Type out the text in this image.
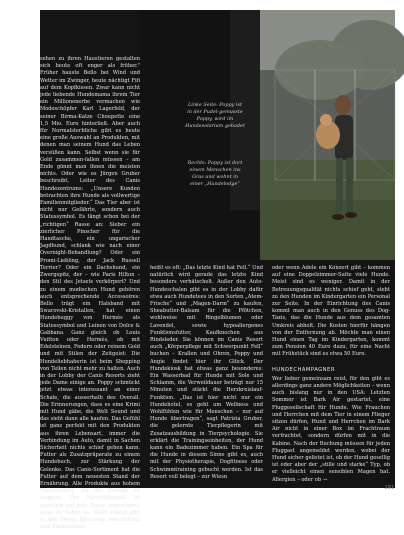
sehen zu ihren Haustieren gestalten sich heute oft enger als früher." Früher hauste Bello bei Wind und Wetter im Zwinger, heute nächtigt Fifi auf dem Kopfkissen. Zwar kann nicht jede liebende Hundemama ihrem Tier ein Millionenerbe vermachen wie Modeschöpfer Karl Lagerfeld, der seiner Birma-Katze Choupette eine 1,5 Mio. Euro hinterließ. Aber auch für Normalsterbliche gibt es heute eine große Auswahl an Produkten, mit denen man seinem Hund das Leben versüßen kann. Selbst wenn sie für Gold zusammen-fallen müssen – am Ende gönnt man ihnen die meisten nichts. Oder wie es Jürgen Gruber beschreibt, Leiter des Canis Hundezentrums: „Unsere Kunden betrachten ihre Hunde als vollwertige Familienmitglieder.“ Das Tier aber ist nicht nur Gefährte, sondern auch Statussymbol. Es fängt schon bei der „richtigen“ Rasse an: Sieber ein zierlicher Pinscher für die Handtasche, ein ungarischer Jagdhund, schlank wie nach einer Overnight-Behandlung? Oder ein Promi-Liebling, der Jack Russell Terrier? Oder ein Dachshund, ein Zwergspitz, der – wie Paris Hilton – den Stil des Jetsets verkörpert? Und zu einem modischen Hund gehören auch entsprechende Accessoires: Bello trägt ein Halsband mit Swarovski-Kristallen, hat einen Hundebuggy von Hermès als Statussymbol und Leinen von Dolce & Gabbana. Ganz gleich ob Louis Vuitton oder Hermès, ob mit Edelsteinen, Federn oder reinem Gold und mit Stilen der Zeitgeist: Die Hundeliebhaberin ist beim Shopping von Teilen nicht mehr zu halten. Auch in der Lobby der Canis Resorts zieht jede Dame einige an. Poppy schmückt jetzt etwas interessant an einer Schale, die ausserhalb des Overall. Die Erinnerungen, dass es eine Krimi mit Hund gäbe, die Welt Sound und das sieht dann alle kaufen. Das Gefühl ist ganz perfekt mit den Produkten aus ihren Lebensart, immer die Verbindung im Auto, damit in Sachen Sicherheit nichts schief gehen kann. Futter als Zusatzpräparate zu einem Hundebuch, zur Stärkung der Gelenke. Das Canis-Sortiment hat die Futter auf dem neuesten Stand der Ernährung. Alle Produkte aus hohem Fleischanteil, um die Energie zu steigern. Der Nährstoffgehalt ist natürlich auf jede Rasse abgestimmt, denn sie lieben es. Nicht zuletzt gibt es jede Menge Spielzeug, vom Ball bis zum Kauknochen.

Linke Seite: Poppy ist in der Pudel-gemusste Poppy, wird im Hundesolarium gebadet
Rechts: Poppy ist dort einem Menschen ins Gras und wohnt in einer „Hundelodge“

heißt es oft: „Das letzte Kind hat Fell.“ Und natürlich wird gerade das letzte Kind besonders verhätschelt. Außer den Auto-Hundeschalen gibt es in der Lobby dafür etwa auch Hundetees in den Sorten „Atem-Frische“ und „Magen-Darm“ zu kaufen, Sheabutter-Balsam für die Pfötchen, wohlweise mit Ringelblumen oder Lavendel, sowie hypoallergenes Funktionsfutter, Kaufknochen aus Rindsleder. Sie können im Canis Resort auch „Körperpflege mit Schwerpunkt Fell“ buchen – Krallen und Ohren, Poppy und Angie findet hier ihr Glück. Der Hundekiosk hat etwas ganz besonderes: Ein Wasserbad für Hunde mit Sole und Schlamm, die Verweildauer beträgt nur 15 Minuten und stärkt die Herzkreislauf-Funktion. „Das ist hier nicht nur ein Hundehotel, es geht um Wellness und Wohlfühlen wie für Menschen – nur auf Hunde übertragen“, sagt Patrizia Gruber, die gelernte Tierpflegerin mit Zusatzausbildung in Tierpsychologie. Sie erklärt die Trainingseinheiten, der Hund kann ein Badezimmer haben. Ein Spa für die Hunde in diesem Sinne gibt es, auch mit der Physiotherapie, Dogfitness oder Schwimmtraining gebucht werden. Ist das Resort voll belegt – zur Wiesn

oder wenn Adele ein Konzert gibt – kommen auf eine Doppelzimmer-Suite viele Hunde. Meist sind es weniger. Damit in der Betreuungsqualität nichts schief geht, steht zu den Hunden im Kindergarten ein Personal zur Seite. In der Einrichtung des Canis kommt man auch in den Genuss des Dog-Taxis, das die Hunde aus dem gesamten Umkreis abholt. Die Kosten hierfür hängen von der Entfernung ab. Möchte man einen Hund einen Tag im Kindergarten, kommt zum Pension 40 Euro dazu, für eine Nacht mit Frühstück sind es etwa 50 Euro.

HUNDECHAMPAGNER

Wer lieber gemeinsam reist, für den gibt es allerdings ganz andere Möglichkeiten – wenn auch bislang nur in den USA: Letzten Sommer ist Bark Air gestartet, eine Fluggesellschaft für Hunde. Wie Frauchen und Herrchen mit dem Tier in einem Flieger sitzen dürfen, Hund und Herrchen im Bark Air nicht in einer Box im Frachtraum verfrachtet, sondern dürfen mit in die Kabine. Nach der Buchung müssen für jeden Fluggast angemeldet werden, wobei der Hund sicher gelistet ist, ob der Hund gesellig ist oder aber der „stille und starke“ Typ, ob er vielleicht einen sensiblen Magen hat. Allergien – oder ob →

191
